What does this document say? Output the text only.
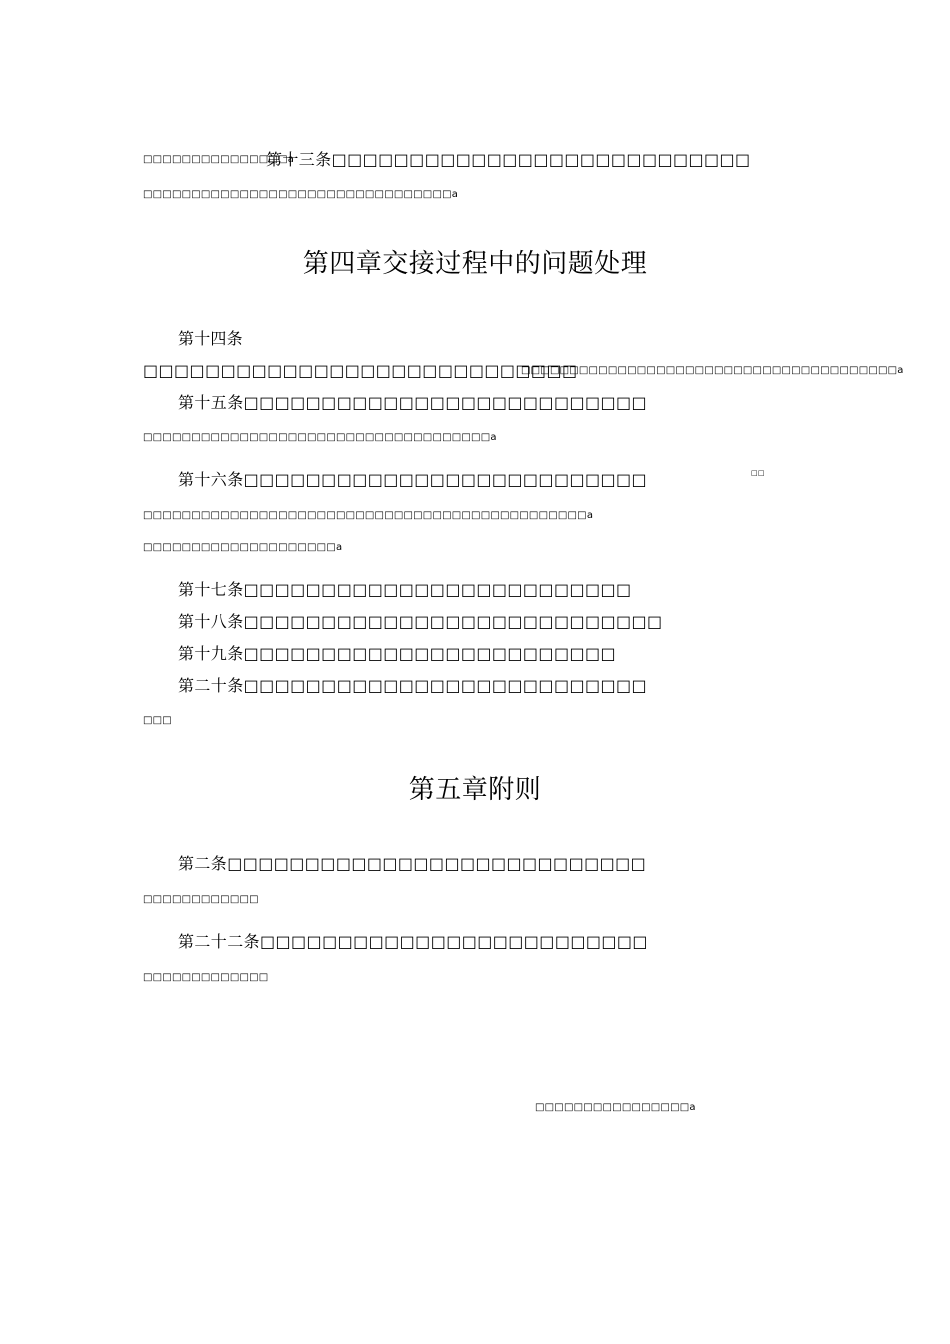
□□□□□□□□□□□□□□□a
第十三条□□□□□□□□□□□□□□□□□□□□□□□□□□□
□□□□□□□□□□□□□□□□□□□□□□□□□□□□□□□□a
第四章交接过程中的问题处理
第十四条
□□□□□□□□□□□□□□□□□□□□□□□□□□□□
□□□□□□□□□□□□□□□□□□□□□□□□□□□□□□□□□□□□□□□a
第十五条□□□□□□□□□□□□□□□□□□□□□□□□□□
□□□□□□□□□□□□□□□□□□□□□□□□□□□□□□□□□□□□a
第十六条□□□□□□□□□□□□□□□□□□□□□□□□□□	□□
□□□□□□□□□□□□□□□□□□□□□□□□□□□□□□□□□□□□□□□□□□□□□□a
□□□□□□□□□□□□□□□□□□□□a
第十七条□□□□□□□□□□□□□□□□□□□□□□□□□
第十八条□□□□□□□□□□□□□□□□□□□□□□□□□□□
第十九条□□□□□□□□□□□□□□□□□□□□□□□□
第二十条□□□□□□□□□□□□□□□□□□□□□□□□□□
□□□
第五章附则
第二条□□□□□□□□□□□□□□□□□□□□□□□□□□□
□□□□□□□□□□□□
第二十二条□□□□□□□□□□□□□□□□□□□□□□□□□
□□□□□□□□□□□□□
□□□□□□□□□□□□□□□□a
